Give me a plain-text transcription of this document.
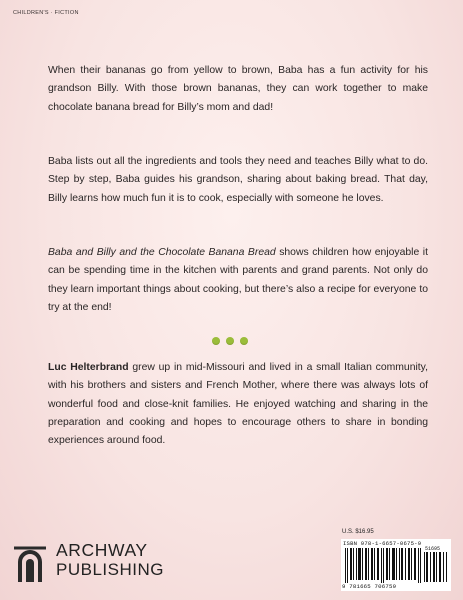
CHILDREN'S · FICTION

When their bananas go from yellow to brown, Baba has a fun activity for his grandson Billy. With those brown bananas, they can work together to make chocolate banana bread for Billy’s mom and dad!

Baba lists out all the ingredients and tools they need and teaches Billy what to do. Step by step, Baba guides his grandson, sharing about baking bread. That day, Billy learns how much fun it is to cook, especially with someone he loves.

Baba and Billy and the Chocolate Banana Bread shows children how enjoyable it can be spending time in the kitchen with parents and grand parents. Not only do they learn important things about cooking, but there’s also a recipe for everyone to try at the end!

Luc Helterbrand grew up in mid-Missouri and lived in a small Italian community, with his brothers and sisters and French Mother, where there was always lots of wonderful food and close-knit families. He enjoyed watching and sharing in the preparation and cooking and hopes to encourage others to share in bonding experiences around food.

ARCHWAY
PUBLISHING
U.S. $16.95
ISBN 978-1-6657-0675-9
51695
9 781665 706759
